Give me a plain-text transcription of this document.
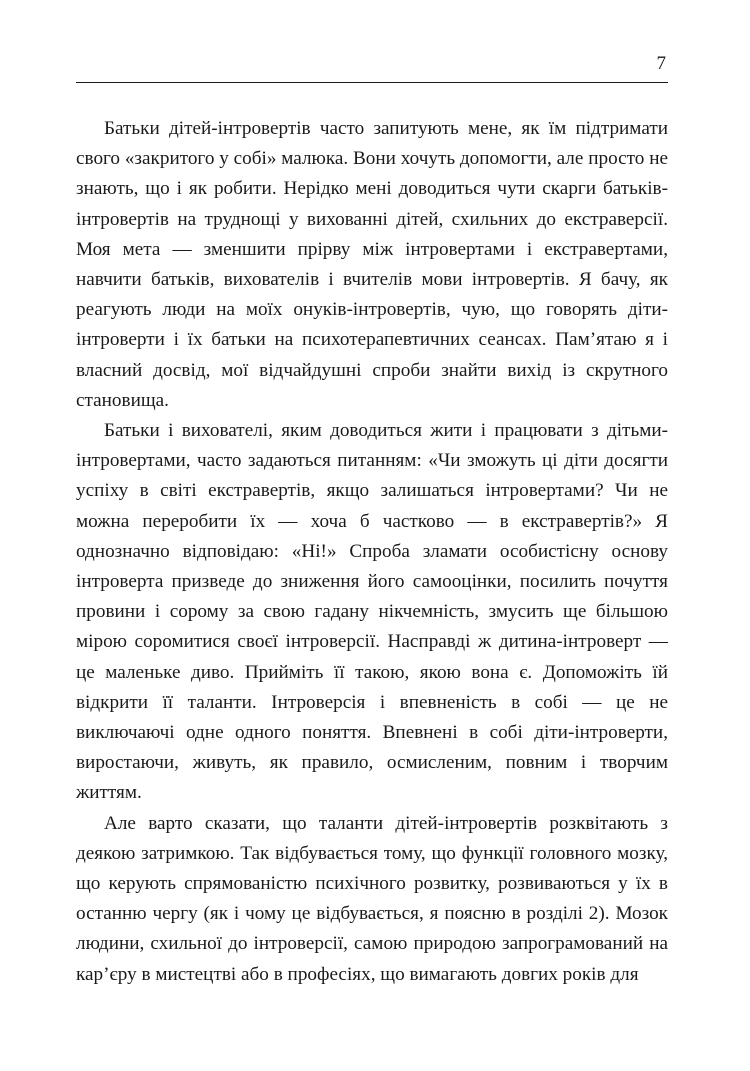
7

Батьки дітей-інтровертів часто запитують мене, як їм підтримати свого «закритого у собі» малюка. Вони хочуть допомогти, але просто не знають, що і як робити. Нерідко мені доводиться чути скарги батьків-інтровертів на труднощі у вихованні дітей, схильних до екстраверсії. Моя мета — зменшити прірву між інтровертами і екстравертами, навчити батьків, вихователів і вчителів мови інтровертів. Я бачу, як реагують люди на моїх онуків-інтровертів, чую, що говорять діти-інтроверти і їх батьки на психотерапевтичних сеансах. Пам’ятаю я і власний досвід, мої відчайдушні спроби знайти вихід із скрутного становища.

Батьки і вихователі, яким доводиться жити і працювати з дітьми-інтровертами, часто задаються питанням: «Чи зможуть ці діти досягти успіху в світі екстравертів, якщо залишаться інтровертами? Чи не можна переробити їх — хоча б частково — в екстравертів?» Я однозначно відповідаю: «Ні!» Спроба зламати особистісну основу інтроверта призведе до зниження його самооцінки, посилить почуття провини і сорому за свою гадану нікчемність, змусить ще більшою мірою соромитися своєї інтроверсії. Насправді ж дитина-інтроверт — це маленьке диво. Прийміть її такою, якою вона є. Допоможіть їй відкрити її таланти. Інтроверсія і впевненість в собі — це не виключаючі одне одного поняття. Впевнені в собі діти-інтроверти, виростаючи, живуть, як правило, осмисленим, повним і творчим життям.

Але варто сказати, що таланти дітей-інтровертів розквітають з деякою затримкою. Так відбувається тому, що функції головного мозку, що керують спрямованістю психічного розвитку, розвиваються у їх в останню чергу (як і чому це відбувається, я поясню в розділі 2). Мозок людини, схильної до інтроверсії, самою природою запрограмований на кар’єру в мистецтві або в професіях, що вимагають довгих років для
